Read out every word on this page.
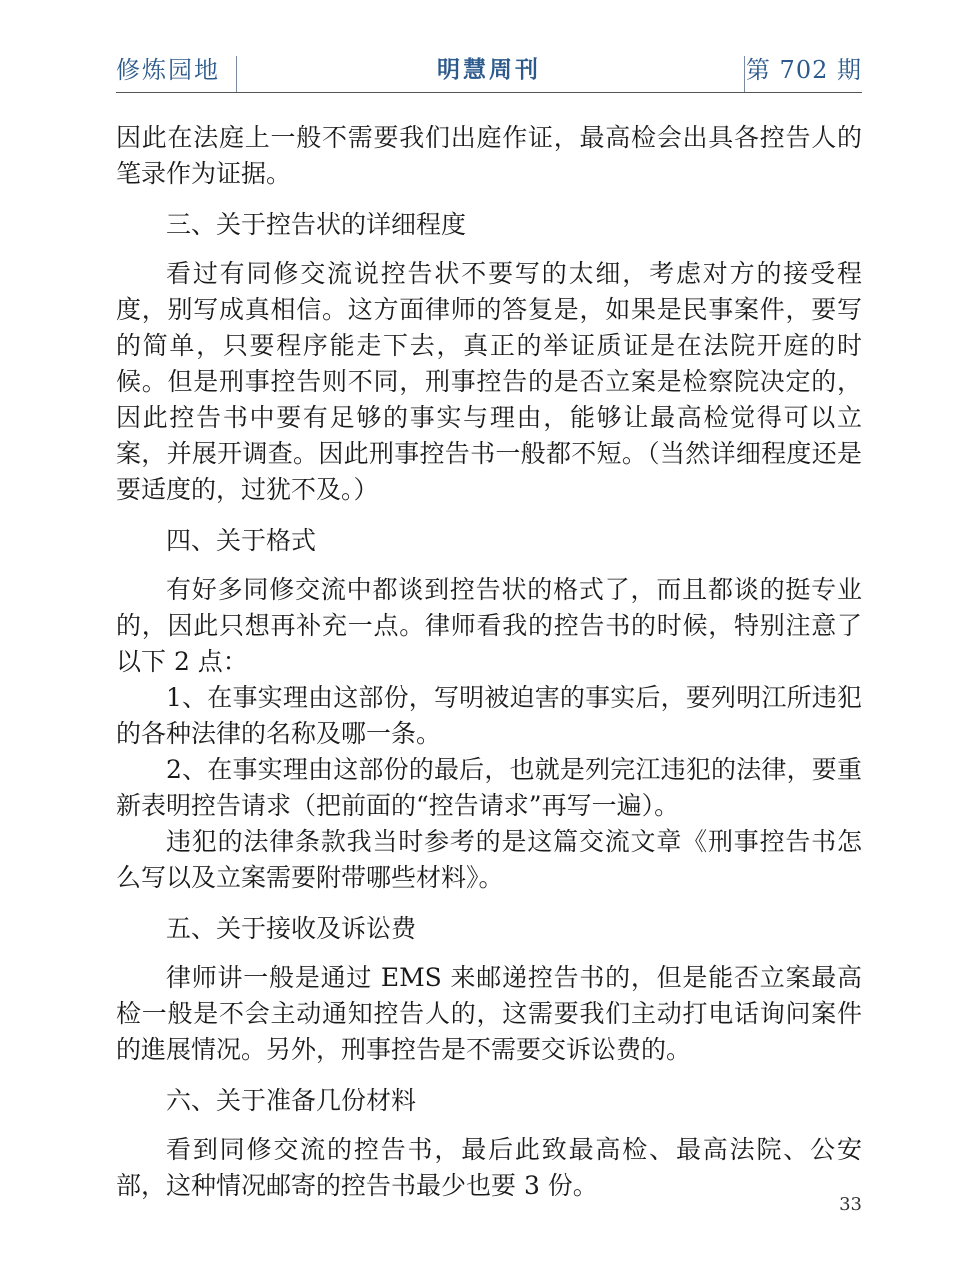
修炼园地	明慧周刊	第 702 期

因此在法庭上一般不需要我们出庭作证，最高检会出具各控告人的笔录作为证据。

三、关于控告状的详细程度

看过有同修交流说控告状不要写的太细，考虑对方的接受程度，别写成真相信。这方面律师的答复是，如果是民事案件，要写的简单，只要程序能走下去，真正的举证质证是在法院开庭的时候。但是刑事控告则不同，刑事控告的是否立案是检察院决定的，因此控告书中要有足够的事实与理由，能够让最高检觉得可以立案，并展开调查。因此刑事控告书一般都不短。（当然详细程度还是要适度的，过犹不及。）

四、关于格式

有好多同修交流中都谈到控告状的格式了，而且都谈的挺专业的，因此只想再补充一点。律师看我的控告书的时候，特别注意了以下 2 点：

1、在事实理由这部份，写明被迫害的事实后，要列明江所违犯的各种法律的名称及哪一条。

2、在事实理由这部份的最后，也就是列完江违犯的法律，要重新表明控告请求（把前面的“控告请求”再写一遍）。

违犯的法律条款我当时参考的是这篇交流文章《刑事控告书怎么写以及立案需要附带哪些材料》。

五、关于接收及诉讼费

律师讲一般是通过 EMS 来邮递控告书的，但是能否立案最高检一般是不会主动通知控告人的，这需要我们主动打电话询问案件的進展情况。另外，刑事控告是不需要交诉讼费的。

六、关于准备几份材料

看到同修交流的控告书，最后此致最高检、最高法院、公安部，这种情况邮寄的控告书最少也要 3 份。

33
